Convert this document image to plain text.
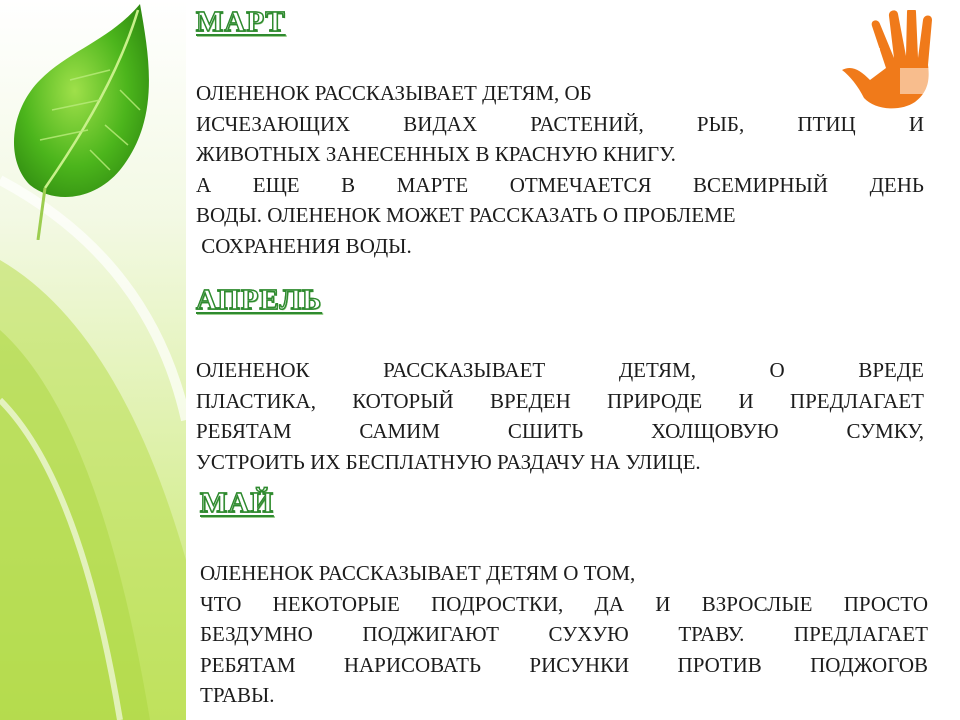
МАРТ

ОЛЕНЕНОК РАССКАЗЫВАЕТ ДЕТЯМ, ОБ

ИСЧЕЗАЮЩИХ ВИДАХ РАСТЕНИЙ, РЫБ, ПТИЦ И

ЖИВОТНЫХ ЗАНЕСЕННЫХ В КРАСНУЮ КНИГУ.

А ЕЩЕ В МАРТЕ ОТМЕЧАЕТСЯ ВСЕМИРНЫЙ ДЕНЬ

ВОДЫ. ОЛЕНЕНОК МОЖЕТ РАССКАЗАТЬ О ПРОБЛЕМЕ

СОХРАНЕНИЯ ВОДЫ.

АПРЕЛЬ

ОЛЕНЕНОК РАССКАЗЫВАЕТ ДЕТЯМ, О ВРЕДЕ

ПЛАСТИКА, КОТОРЫЙ ВРЕДЕН ПРИРОДЕ И ПРЕДЛАГАЕТ

РЕБЯТАМ САМИМ СШИТЬ ХОЛЩОВУЮ СУМКУ,

УСТРОИТЬ ИХ БЕСПЛАТНУЮ РАЗДАЧУ НА УЛИЦЕ.

МАЙ

ОЛЕНЕНОК РАССКАЗЫВАЕТ ДЕТЯМ О ТОМ,

ЧТО НЕКОТОРЫЕ ПОДРОСТКИ, ДА И ВЗРОСЛЫЕ ПРОСТО

БЕЗДУМНО ПОДЖИГАЮТ СУХУЮ ТРАВУ. ПРЕДЛАГАЕТ

РЕБЯТАМ НАРИСОВАТЬ РИСУНКИ ПРОТИВ ПОДЖОГОВ

ТРАВЫ.
